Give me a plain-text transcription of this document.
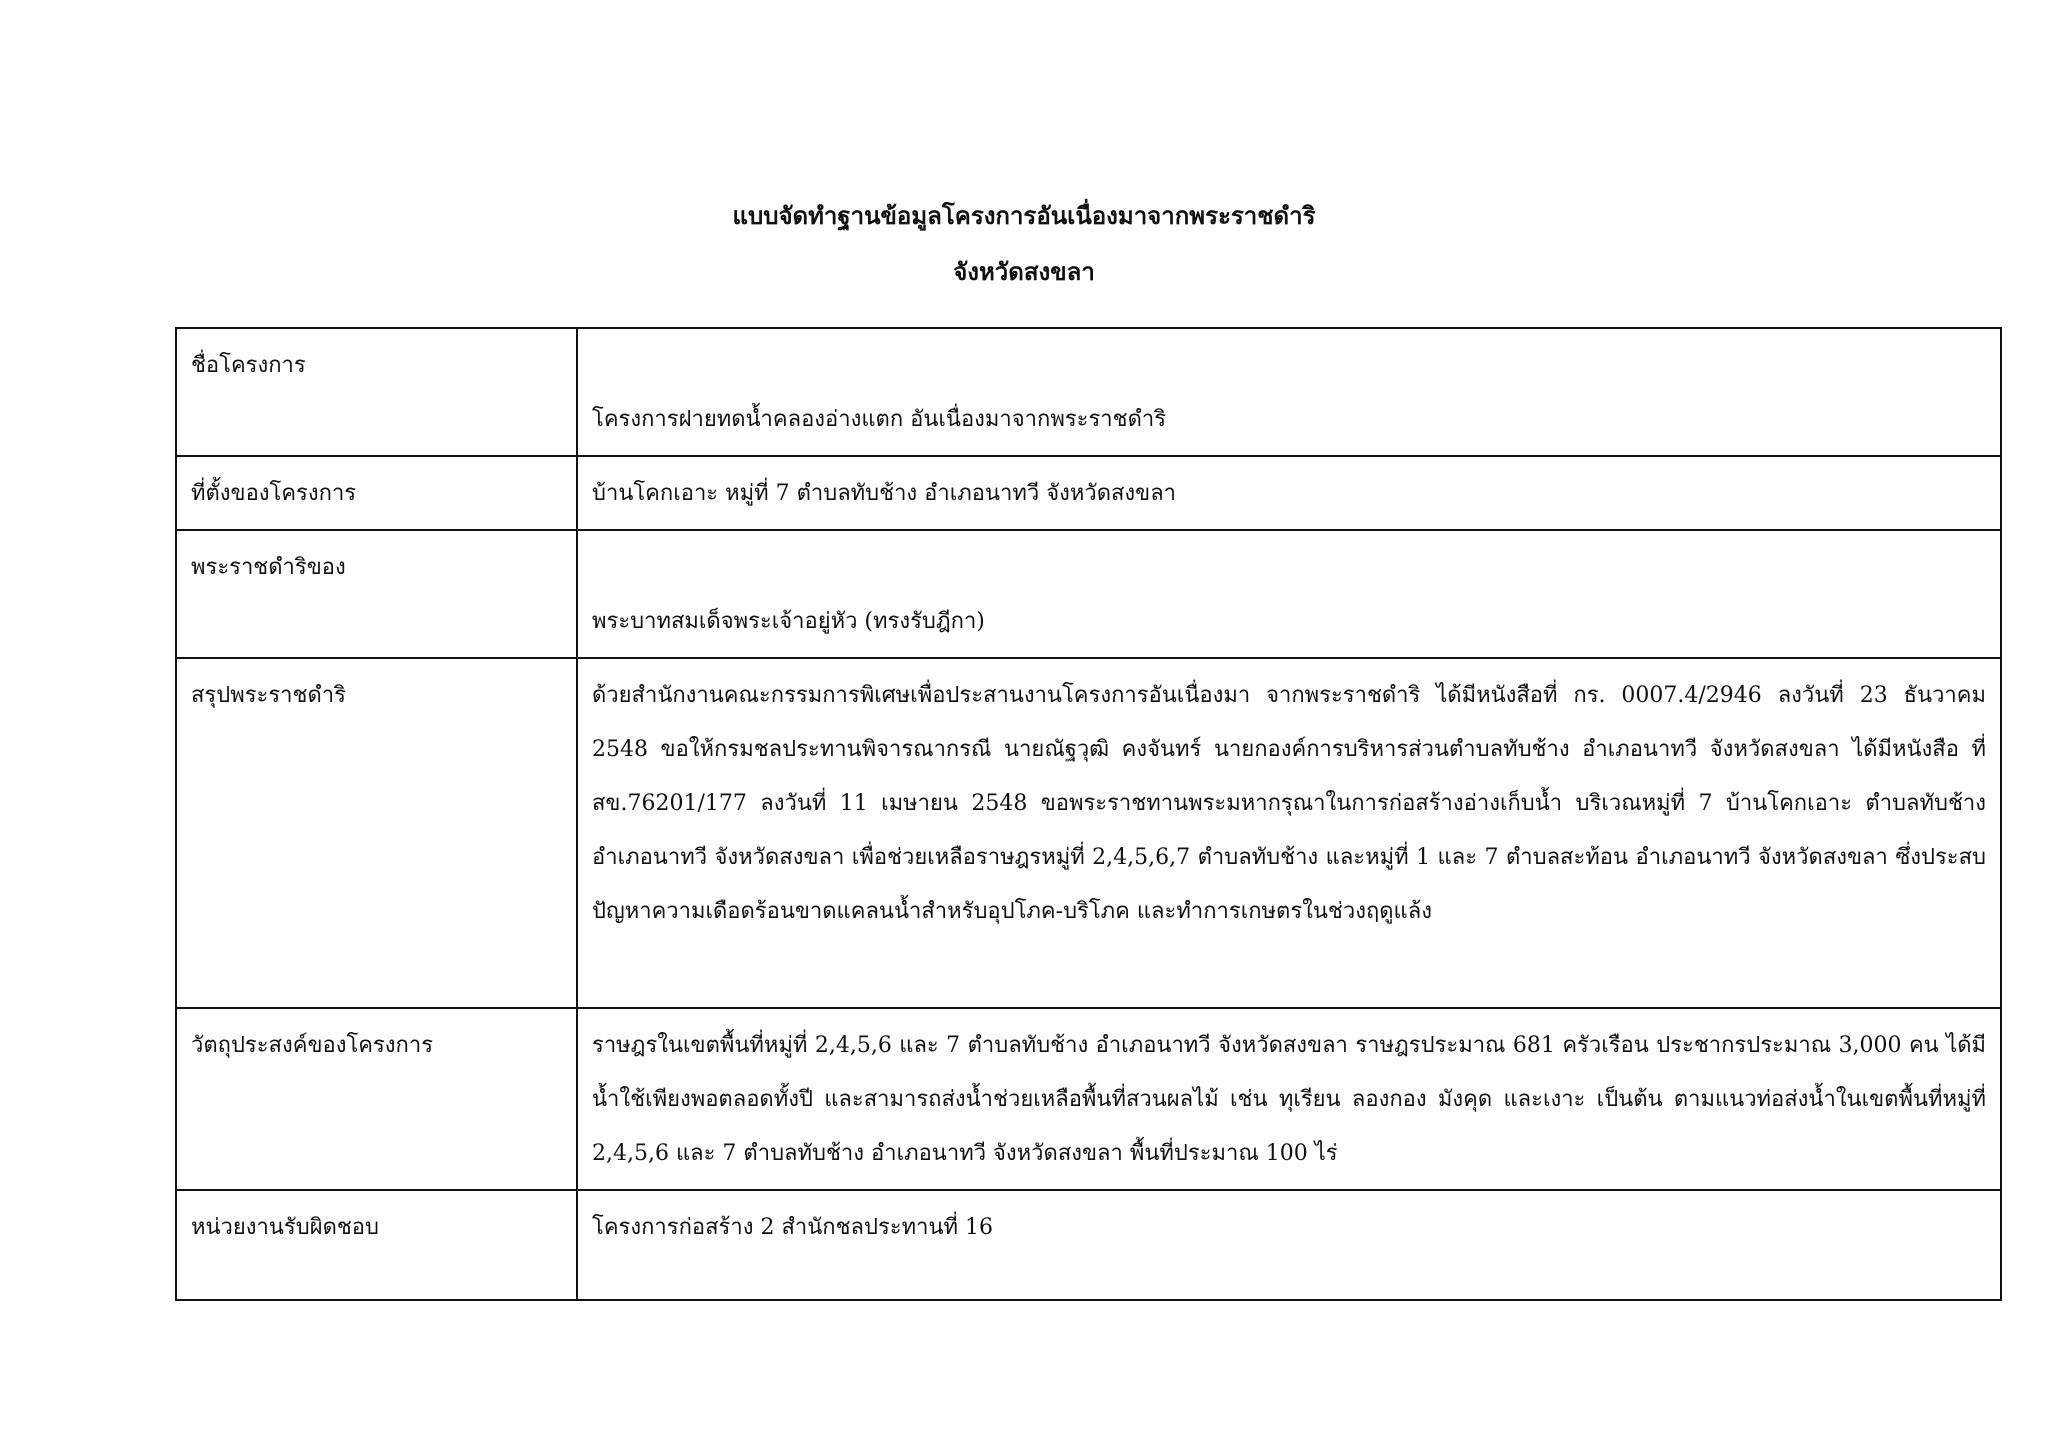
แบบจัดทำฐานข้อมูลโครงการอันเนื่องมาจากพระราชดำริ

จังหวัดสงขลา

ชื่อโครงการ	โครงการฝายทดน้ำคลองอ่างแตก อันเนื่องมาจากพระราชดำริ

ที่ตั้งของโครงการ	บ้านโคกเอาะ หมู่ที่ 7 ตำบลทับช้าง อำเภอนาทวี จังหวัดสงขลา

พระราชดำริของ	พระบาทสมเด็จพระเจ้าอยู่หัว (ทรงรับฎีกา)

สรุปพระราชดำริ	ด้วยสำนักงานคณะกรรมการพิเศษเพื่อประสานงานโครงการอันเนื่องมา จากพระราชดำริ ได้มีหนังสือที่ กร. 0007.4/2946 ลงวันที่ 23 ธันวาคม 2548 ขอให้กรมชลประทานพิจารณากรณี นายณัฐวุฒิ คงจันทร์ นายกองค์การบริหารส่วนตำบลทับช้าง อำเภอนาทวี จังหวัดสงขลา ได้มีหนังสือ ที่ สข.76201/177 ลงวันที่ 11 เมษายน 2548 ขอพระราชทานพระมหากรุณาในการก่อสร้างอ่างเก็บน้ำ บริเวณหมู่ที่ 7 บ้านโคกเอาะ ตำบลทับช้าง อำเภอนาทวี จังหวัดสงขลา เพื่อช่วยเหลือราษฎรหมู่ที่ 2,4,5,6,7 ตำบลทับช้าง และหมู่ที่ 1 และ 7 ตำบลสะท้อน อำเภอนาทวี จังหวัดสงขลา ซึ่งประสบปัญหาความเดือดร้อนขาดแคลนน้ำสำหรับอุปโภค-บริโภค และทำการเกษตรในช่วงฤดูแล้ง

วัตถุประสงค์ของโครงการ	ราษฎรในเขตพื้นที่หมู่ที่ 2,4,5,6 และ 7 ตำบลทับช้าง อำเภอนาทวี จังหวัดสงขลา ราษฎรประมาณ 681 ครัวเรือน ประชากรประมาณ 3,000 คน ได้มีน้ำใช้เพียงพอตลอดทั้งปี และสามารถส่งน้ำช่วยเหลือพื้นที่สวนผลไม้ เช่น ทุเรียน ลองกอง มังคุด และเงาะ เป็นต้น ตามแนวท่อส่งน้ำในเขตพื้นที่หมู่ที่ 2,4,5,6 และ 7 ตำบลทับช้าง อำเภอนาทวี จังหวัดสงขลา พื้นที่ประมาณ 100 ไร่

หน่วยงานรับผิดชอบ	โครงการก่อสร้าง 2 สำนักชลประทานที่ 16
